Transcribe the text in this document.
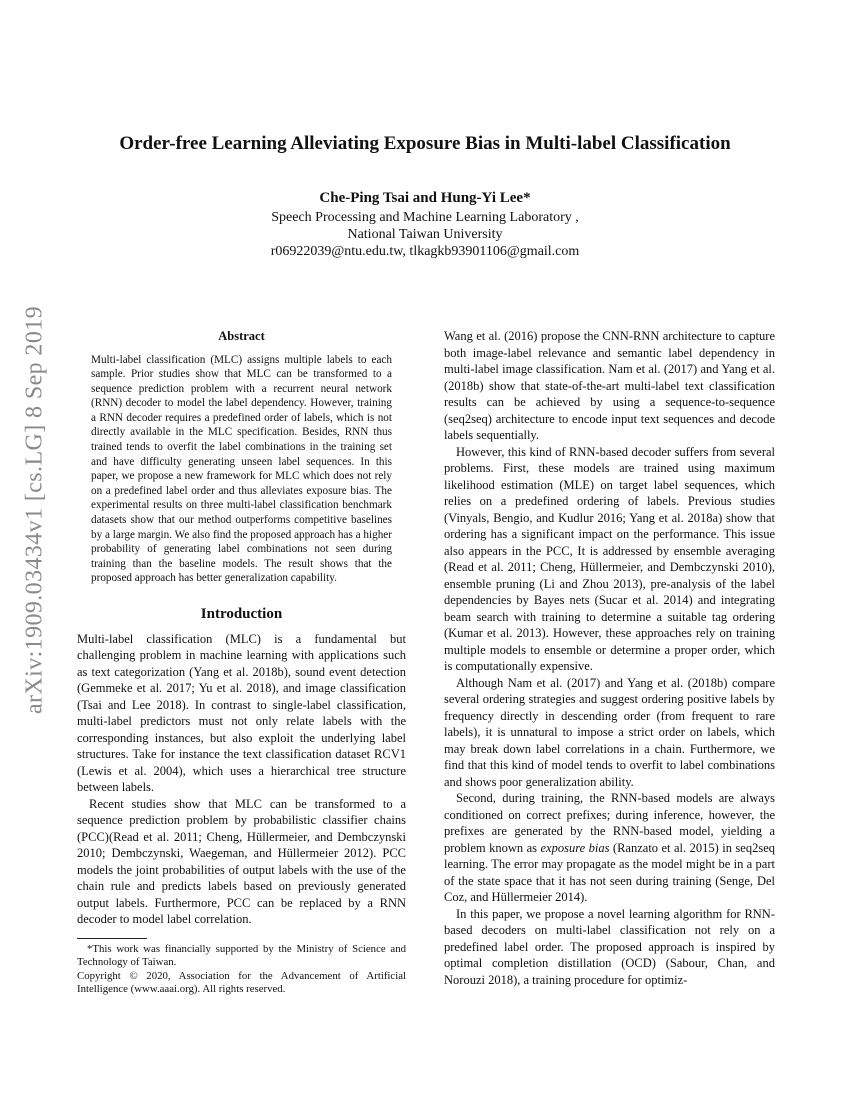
arXiv:1909.03434v1 [cs.LG] 8 Sep 2019
Order-free Learning Alleviating Exposure Bias in Multi-label Classification
Che-Ping Tsai and Hung-Yi Lee*
Speech Processing and Machine Learning Laboratory ,
National Taiwan University
r06922039@ntu.edu.tw, tlkagkb93901106@gmail.com
Abstract
Multi-label classification (MLC) assigns multiple labels to each sample. Prior studies show that MLC can be transformed to a sequence prediction problem with a recurrent neural network (RNN) decoder to model the label dependency. However, training a RNN decoder requires a predefined order of labels, which is not directly available in the MLC specification. Besides, RNN thus trained tends to overfit the label combinations in the training set and have difficulty generating unseen label sequences. In this paper, we propose a new framework for MLC which does not rely on a predefined label order and thus alleviates exposure bias. The experimental results on three multi-label classification benchmark datasets show that our method outperforms competitive baselines by a large margin. We also find the proposed approach has a higher probability of generating label combinations not seen during training than the baseline models. The result shows that the proposed approach has better generalization capability.
Introduction

Multi-label classification (MLC) is a fundamental but challenging problem in machine learning with applications such as text categorization (Yang et al. 2018b), sound event detection (Gemmeke et al. 2017; Yu et al. 2018), and image classification (Tsai and Lee 2018). In contrast to single-label classification, multi-label predictors must not only relate labels with the corresponding instances, but also exploit the underlying label structures. Take for instance the text classification dataset RCV1 (Lewis et al. 2004), which uses a hierarchical tree structure between labels.

Recent studies show that MLC can be transformed to a sequence prediction problem by probabilistic classifier chains (PCC)(Read et al. 2011; Cheng, Hüllermeier, and Dembczynski 2010; Dembczynski, Waegeman, and Hüllermeier 2012). PCC models the joint probabilities of output labels with the use of the chain rule and predicts labels based on previously generated output labels. Furthermore, PCC can be replaced by a RNN decoder to model label correlation.

*This work was financially supported by the Ministry of Science and Technology of Taiwan.

Copyright © 2020, Association for the Advancement of Artificial Intelligence (www.aaai.org). All rights reserved.

Wang et al. (2016) propose the CNN-RNN architecture to capture both image-label relevance and semantic label dependency in multi-label image classification. Nam et al. (2017) and Yang et al. (2018b) show that state-of-the-art multi-label text classification results can be achieved by using a sequence-to-sequence (seq2seq) architecture to encode input text sequences and decode labels sequentially.

However, this kind of RNN-based decoder suffers from several problems. First, these models are trained using maximum likelihood estimation (MLE) on target label sequences, which relies on a predefined ordering of labels. Previous studies (Vinyals, Bengio, and Kudlur 2016; Yang et al. 2018a) show that ordering has a significant impact on the performance. This issue also appears in the PCC, It is addressed by ensemble averaging (Read et al. 2011; Cheng, Hüllermeier, and Dembczynski 2010), ensemble pruning (Li and Zhou 2013), pre-analysis of the label dependencies by Bayes nets (Sucar et al. 2014) and integrating beam search with training to determine a suitable tag ordering (Kumar et al. 2013). However, these approaches rely on training multiple models to ensemble or determine a proper order, which is computationally expensive.

Although Nam et al. (2017) and Yang et al. (2018b) compare several ordering strategies and suggest ordering positive labels by frequency directly in descending order (from frequent to rare labels), it is unnatural to impose a strict order on labels, which may break down label correlations in a chain. Furthermore, we find that this kind of model tends to overfit to label combinations and shows poor generalization ability.

Second, during training, the RNN-based models are always conditioned on correct prefixes; during inference, however, the prefixes are generated by the RNN-based model, yielding a problem known as exposure bias (Ranzato et al. 2015) in seq2seq learning. The error may propagate as the model might be in a part of the state space that it has not seen during training (Senge, Del Coz, and Hüllermeier 2014).

In this paper, we propose a novel learning algorithm for RNN-based decoders on multi-label classification not rely on a predefined label order. The proposed approach is inspired by optimal completion distillation (OCD) (Sabour, Chan, and Norouzi 2018), a training procedure for optimiz-
